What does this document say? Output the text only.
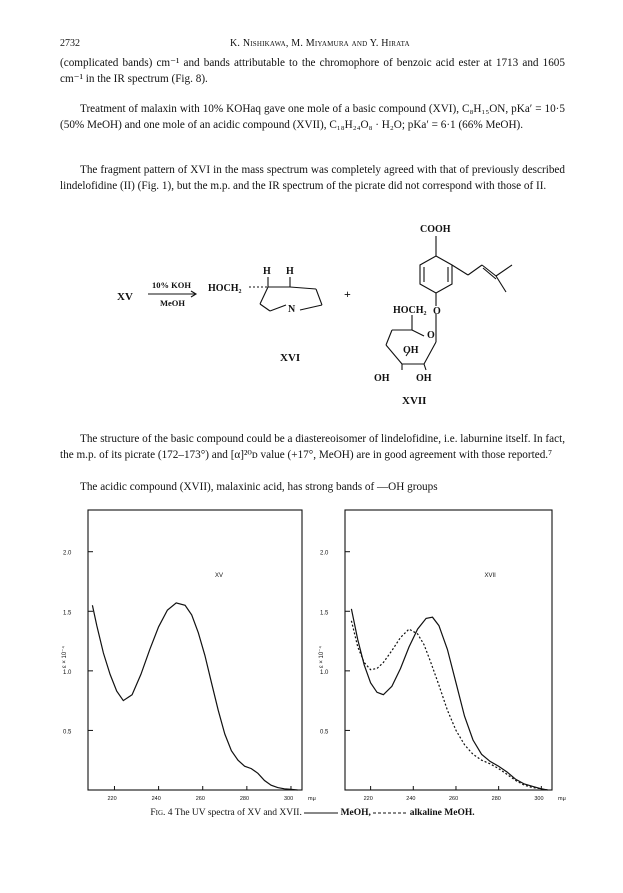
2732	K. Nishikawa, M. Miyamura and Y. Hirata

(complicated bands) cm⁻¹ and bands attributable to the chromophore of benzoic acid ester at 1713 and 1605 cm⁻¹ in the IR spectrum (Fig. 8).

Treatment of malaxin with 10% KOHaq gave one mole of a basic compound (XVI), C₈H₁₅ON, pKa′ = 10·5 (50% MeOH) and one mole of an acidic compound (XVII), C₁₈H₂₄O₈ · H₂O; pKa′ = 6·1 (66% MeOH).

The fragment pattern of XVI in the mass spectrum was completely agreed with that of previously described lindelofidine (II) (Fig. 1), but the m.p. and the IR spectrum of the picrate did not correspond with those of II.

XV
10% KOH
MeOH
HOCH₂
H H
N
XVI
+
COOH
O
HOCH₂
O
OH
OH	OH
XVII

The structure of the basic compound could be a diastereoisomer of lindelofidine, i.e. laburnine itself. In fact, the m.p. of its picrate (172–173°) and [α]²⁰ᴅ value (+17°, MeOH) are in good agreement with those reported.⁷

The acidic compound (XVII), malaxinic acid, has strong bands of —OH groups

0.5
1.0
1.5
2.0
220	240	260	280	300	mμ
ε × 10⁻⁴
XV
0.5
1.0
1.5
2.0
220	240	260	280	300	mμ
ε × 10⁻⁴
XVII
Fig. 4 The UV spectra of XV and XVII.	MeOH,	alkaline MeOH.
